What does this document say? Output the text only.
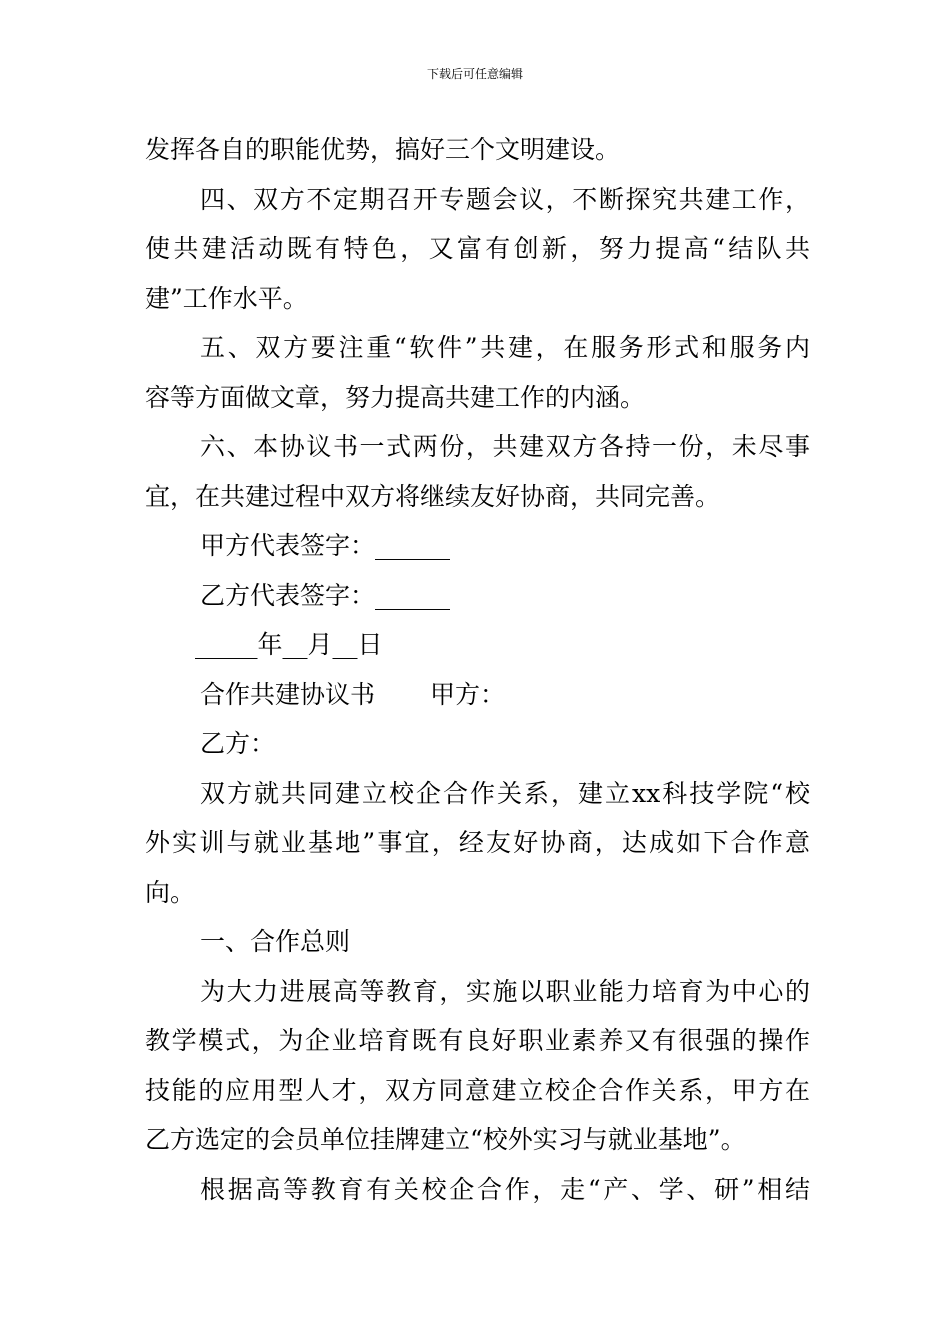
下载后可任意编辑
发挥各自的职能优势，搞好三个文明建设。
四、双方不定期召开专题会议，不断探究共建工作，
使共建活动既有特色，又富有创新，努力提高“结队共
建”工作水平。
五、双方要注重“软件”共建，在服务形式和服务内
容等方面做文章，努力提高共建工作的内涵。
六、本协议书一式两份，共建双方各持一份，未尽事
宜，在共建过程中双方将继续友好协商，共同完善。
甲方代表签字：______
乙方代表签字：______
_____年__月__日
合作共建协议书 甲方：
乙方：
双方就共同建立校企合作关系，建立xx科技学院“校
外实训与就业基地”事宜，经友好协商，达成如下合作意
向。
一、合作总则
为大力进展高等教育，实施以职业能力培育为中心的
教学模式，为企业培育既有良好职业素养又有很强的操作
技能的应用型人才，双方同意建立校企合作关系，甲方在
乙方选定的会员单位挂牌建立“校外实习与就业基地”。
根据高等教育有关校企合作，走“产、学、研”相结
